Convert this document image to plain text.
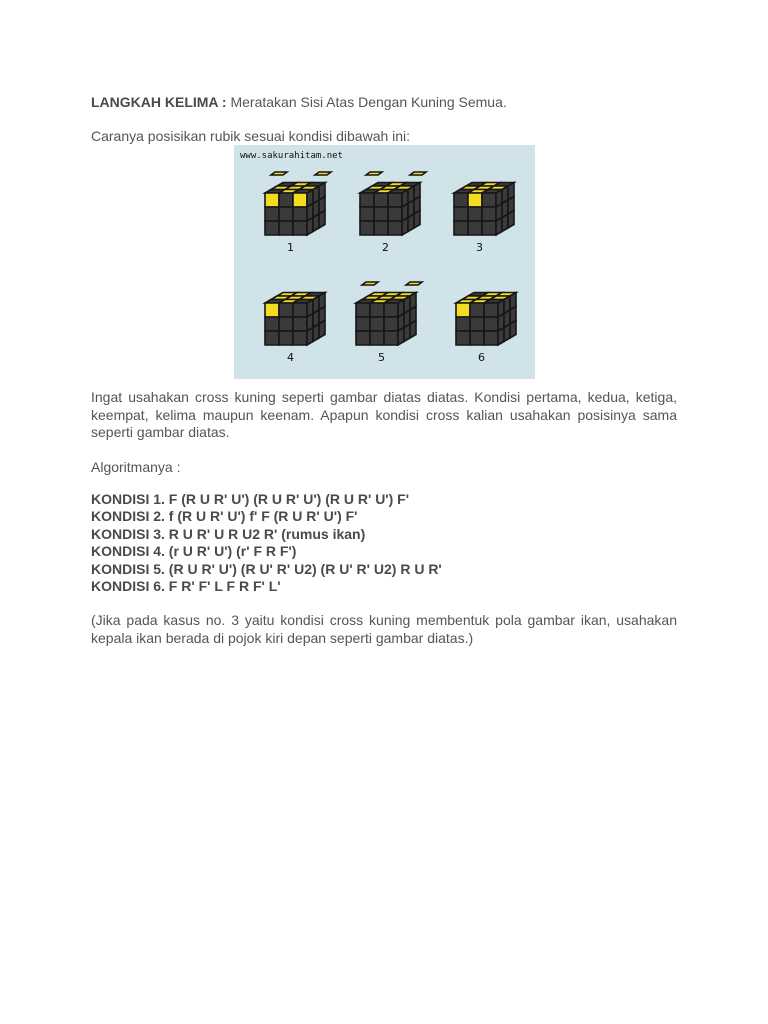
LANGKAH KELIMA : Meratakan Sisi Atas Dengan Kuning Semua.

Caranya posisikan rubik sesuai kondisi dibawah ini:

1	2	3
4	5	6
www.sakurahitam.net

Ingat usahakan cross kuning seperti gambar diatas diatas. Kondisi pertama, kedua, ketiga, keempat, kelima maupun keenam. Apapun kondisi cross kalian usahakan posisinya sama seperti gambar diatas.

Algoritmanya :

KONDISI 1. F (R U R' U') (R U R' U') (R U R' U') F'
KONDISI 2. f (R U R' U') f' F (R U R' U') F'
KONDISI 3. R U R' U R U2 R' (rumus ikan)
KONDISI 4. (r U R' U') (r' F R F')
KONDISI 5. (R U R' U') (R U' R' U2) (R U' R' U2) R U R'
KONDISI 6. F R' F' L F R F' L'

(Jika pada kasus no. 3 yaitu kondisi cross kuning membentuk pola gambar ikan, usahakan kepala ikan berada di pojok kiri depan seperti gambar diatas.)
